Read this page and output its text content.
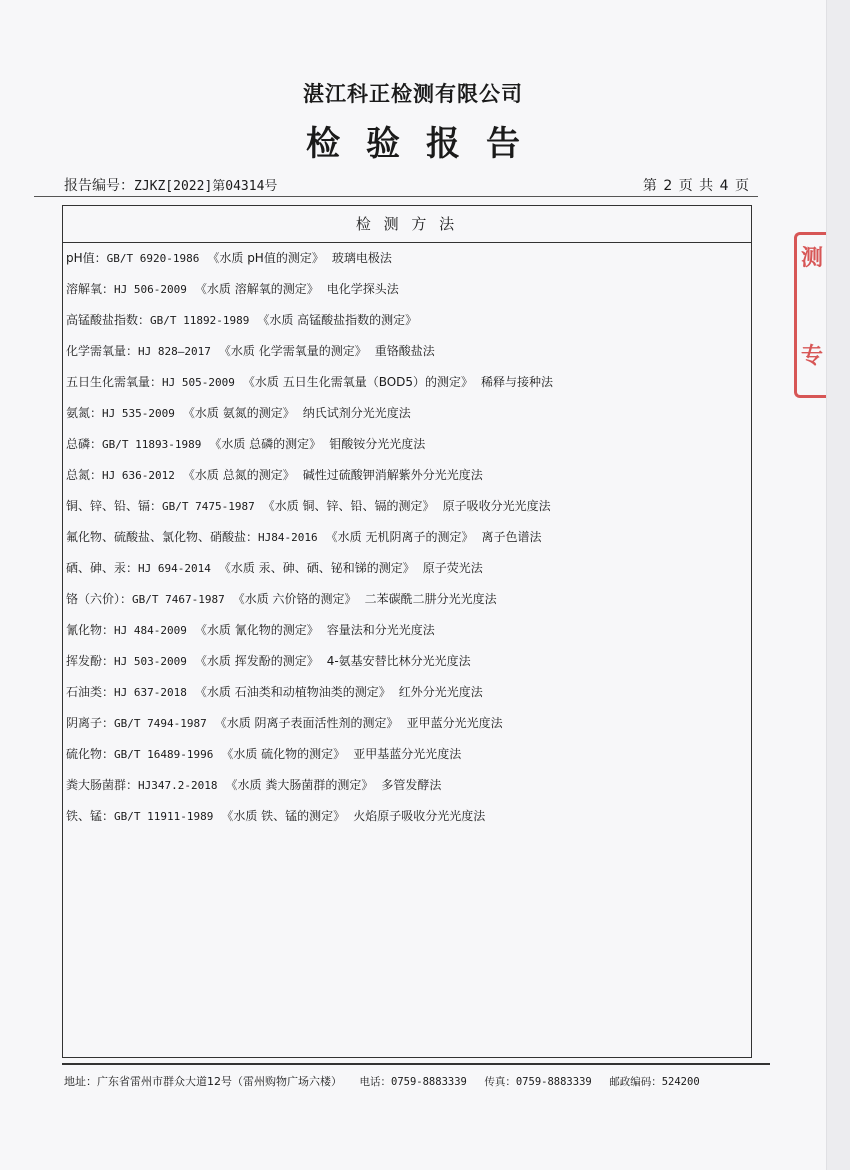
湛江科正检测有限公司
检验报告
报告编号：ZJKZ[2022]第04314号	第 2 页 共 4 页
检 测 方 法
pH值：GB/T 6920-1986 《水质 pH值的测定》 玻璃电极法
溶解氧：HJ 506-2009 《水质 溶解氧的测定》 电化学探头法
高锰酸盐指数：GB/T 11892-1989 《水质 高锰酸盐指数的测定》
化学需氧量：HJ 828—2017 《水质 化学需氧量的测定》 重铬酸盐法
五日生化需氧量：HJ 505-2009 《水质 五日生化需氧量（BOD5）的测定》 稀释与接种法
氨氮：HJ 535-2009 《水质 氨氮的测定》 纳氏试剂分光光度法
总磷：GB/T 11893-1989 《水质 总磷的测定》 钼酸铵分光光度法
总氮：HJ 636-2012 《水质 总氮的测定》 碱性过硫酸钾消解紫外分光光度法
铜、锌、铅、镉：GB/T 7475-1987 《水质 铜、锌、铅、镉的测定》 原子吸收分光光度法
氟化物、硫酸盐、氯化物、硝酸盐：HJ84-2016 《水质 无机阴离子的测定》 离子色谱法
硒、砷、汞：HJ 694-2014 《水质 汞、砷、硒、铋和锑的测定》 原子荧光法
铬（六价）：GB/T 7467-1987 《水质 六价铬的测定》 二苯碳酰二肼分光光度法
氰化物：HJ 484-2009 《水质 氰化物的测定》 容量法和分光光度法
挥发酚：HJ 503-2009 《水质 挥发酚的测定》 4-氨基安替比林分光光度法
石油类：HJ 637-2018 《水质 石油类和动植物油类的测定》 红外分光光度法
阴离子：GB/T 7494-1987 《水质 阴离子表面活性剂的测定》 亚甲蓝分光光度法
硫化物：GB/T 16489-1996 《水质 硫化物的测定》 亚甲基蓝分光光度法
粪大肠菌群：HJ347.2-2018 《水质 粪大肠菌群的测定》 多管发酵法
铁、锰：GB/T 11911-1989 《水质 铁、锰的测定》 火焰原子吸收分光光度法
地址：广东省雷州市群众大道12号（雷州购物广场六楼） 电话：0759-8883339 传真：0759-8883339 邮政编码：524200
测
专
